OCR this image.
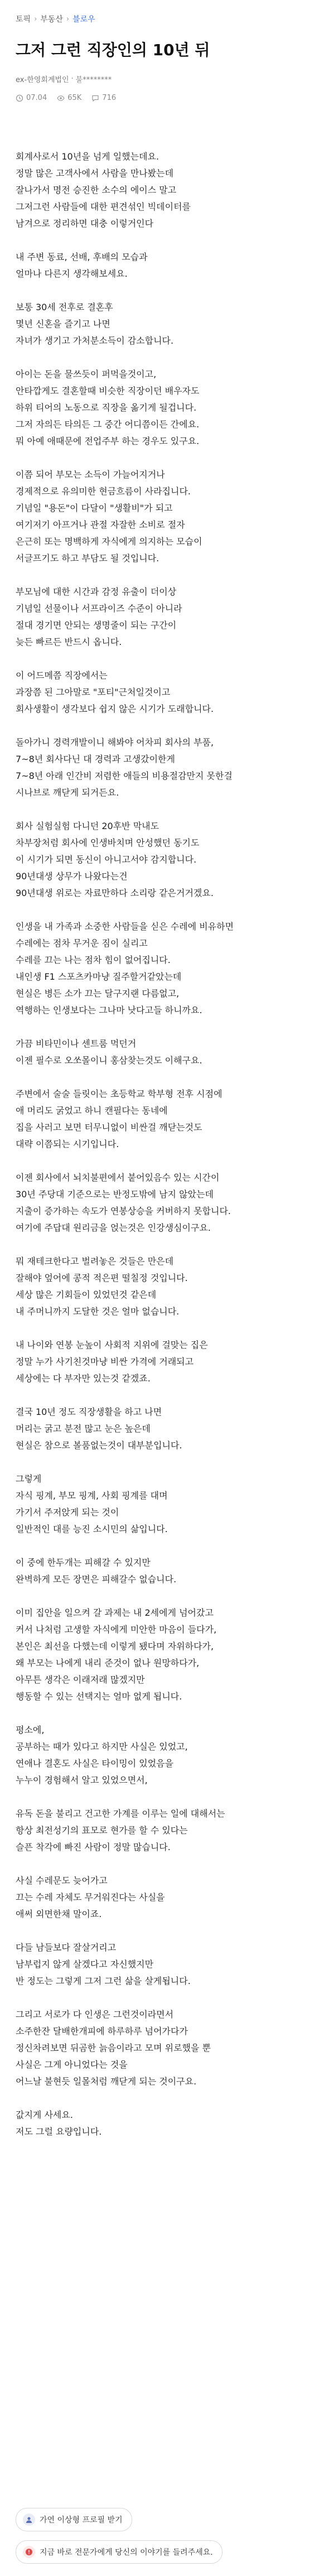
토픽 › 부동산 › 블로우
그저 그런 직장인의 10년 뒤
ex-한영회계법인 · 불********
07.04	65K	716

회계사로서 10년을 넘게 일했는데요.
정말 많은 고객사에서 사람을 만나봤는데
잘나가서 명전 승진한 소수의 에이스 말고
그저그런 사람들에 대한 편견섞인 빅데이터를
남겨으로 정리하면 대충 이렇거인다

내 주변 동료, 선배, 후배의 모습과
얼마나 다른지 생각해보세요.

보통 30세 전후로 결혼후
몇년 신혼을 즐기고 나면
자녀가 생기고 가처분소득이 감소합니다.

아이는 돈을 물쓰듯이 퍼먹을것이고,
안타깝게도 결혼할때 비슷한 직장이던 배우자도
하위 티어의 노동으로 직장을 옮기게 될겁니다.
그저 자의든 타의든 그 중간 어디쯤이든 간에요.
뭐 아예 애때문에 전업주부 하는 경우도 있구요.

이쯤 되어 부모는 소득이 가늘어지거나
경제적으로 유의미한 현금흐름이 사라집니다.
기념일 "용돈"이 다달이 "생활비"가 되고
여기저기 아프거나 관절 자잘한 소비로 절자
은근히 또는 명백하게 자식에게 의지하는 모습이
서글프기도 하고 부담도 될 것입니다.

부모님에 대한 시간과 감정 유출이 더이상
기념일 선물이나 서프라이즈 수준이 아니라
절대 경기면 안되는 생명줄이 되는 구간이
늦든 빠르든 반드시 옵니다.

이 어드메쯤 직장에서는
과장쯤 된 그아말로 "포티"근처일것이고
회사생활이 생각보다 쉽지 않은 시기가 도래합니다.

돌아가니 경력개발이니 해봐야 어차피 회사의 부품,
7~8년 회사다닌 대 경력과 고생갔이한게
7~8년 아래 인간비 저렴한 애들의 비용절감만지 못한걸
시나브로 깨닫게 되거든요.

회사 실험실험 다니던 20후반 막내도
차부장처럼 회사에 인생바치며 안성했던 동기도
이 시기가 되면 동신이 아니고서야 감지합니다.
90년대생 상무가 나왔다는건
90년대생 위로는 자료만하다 소리랑 같은거거겠요.

인생을 내 가족과 소중한 사람들을 싣은 수레에 비유하면
수레에는 점차 무거운 짐이 실리고
수레를 끄는 나는 점차 힘이 없어집니다.
내인생 F1 스포츠카마냥 질주할거같았는데
현실은 병든 소가 끄는 달구지랜 다름없고,
역행하는 인생보다는 그나마 낫다고들 하니까요.

가끔 비타민이나 센트룸 먹던거
이젠 필수로 오쏘몰이니 홍삼찾는것도 이해구요.

주변에서 술술 들릿이는 초등학교 학부형 전후 시점에
애 머리도 굵었고 하니 캔필다는 동네에
집을 사러고 보면 터무니없이 비싼걸 깨닫는것도
대략 이쯤되는 시기입니다.

이젠 회사에서 뇌치불편에서 붙어있음수 있는 시간이
30년 주당대 기준으로는 반정도밖에 남지 않았는데
지출이 증가하는 속도가 연봉상승을 커버하지 못합니다.
여기에 주답대 원리금을 얹는것은 인강생심이구요.

뭐 재테크한다고 벌려놓은 것들은 만은데
잘해야 엎어에 콩적 적은편 떨칠정 것입니다.
세상 많은 기회들이 있었던것 같은데
내 주머니까지 도달한 것은 얼마 없습니다.

내 나이와 연봉 눈높이 사회적 지위에 걸맞는 집은
정말 누가 사기친것마냥 비싼 가격에 거래되고
세상에는 다 부자만 있는것 같겠죠.

결국 10년 정도 직장생활을 하고 나면
머리는 굵고 분전 많고 눈은 높은데
현실은 참으로 볼품없는것이 대부분입니다.

그렇게
자식 핑계, 부모 핑계, 사회 핑계를 대며
가기서 주저앉게 되는 것이
일반적인 대를 능진 소시민의 삶입니다.

이 중에 한두개는 피해갈 수 있지만
완벽하게 모든 장면은 피해갈수 없습니다.

이미 집안을 일으켜 갈 과제는 내 2세에게 넘어갔고
커서 나처럼 고생할 자식에게 미안한 마음이 들다가,
본인은 최선을 다했는데 이렇게 됐다며 자위하다가,
왜 부모는 나에게 내리 준것이 없나 원망하다가,
아무튼 생각은 이래저래 많겠지만
행동할 수 있는 선택지는 얼마 없게 됩니다.

평소에,
공부하는 때가 있다고 하지만 사실은 있었고,
연애나 결혼도 사실은 타이밍이 있었음을
누누이 경험해서 알고 있었으면서,

유독 돈을 불리고 건고한 가계를 이루는 일에 대해서는
항상 최전성기의 표모로 현가를 할 수 있다는
슬픈 착각에 빠진 사람이 정말 많습니다.

사실 수레문도 늦어가고
끄는 수레 자체도 무거워진다는 사실을
애써 외면한채 말이죠.

다들 남들보다 잘살거리고
남부럽지 않게 살겠다고 자신했지만
반 정도는 그렇게 그저 그런 삶을 살게됩니다.

그리고 서로가 다 인생은 그런것이라면서
소주한잔 달배한개피에 하루하루 넘어가다가
정신차려보면 뒤곰한 늙음이라고 모며 위로했을 뿐
사실은 그게 아니었다는 것을
어느날 불현듯 일몰처럼 깨닫게 되는 것이구요.

값지게 사세요.
저도 그럴 요량입니다.

가연 이상형 프로필 받기
지금 바로 전문가에게 당신의 이야기를 들려주세요.
